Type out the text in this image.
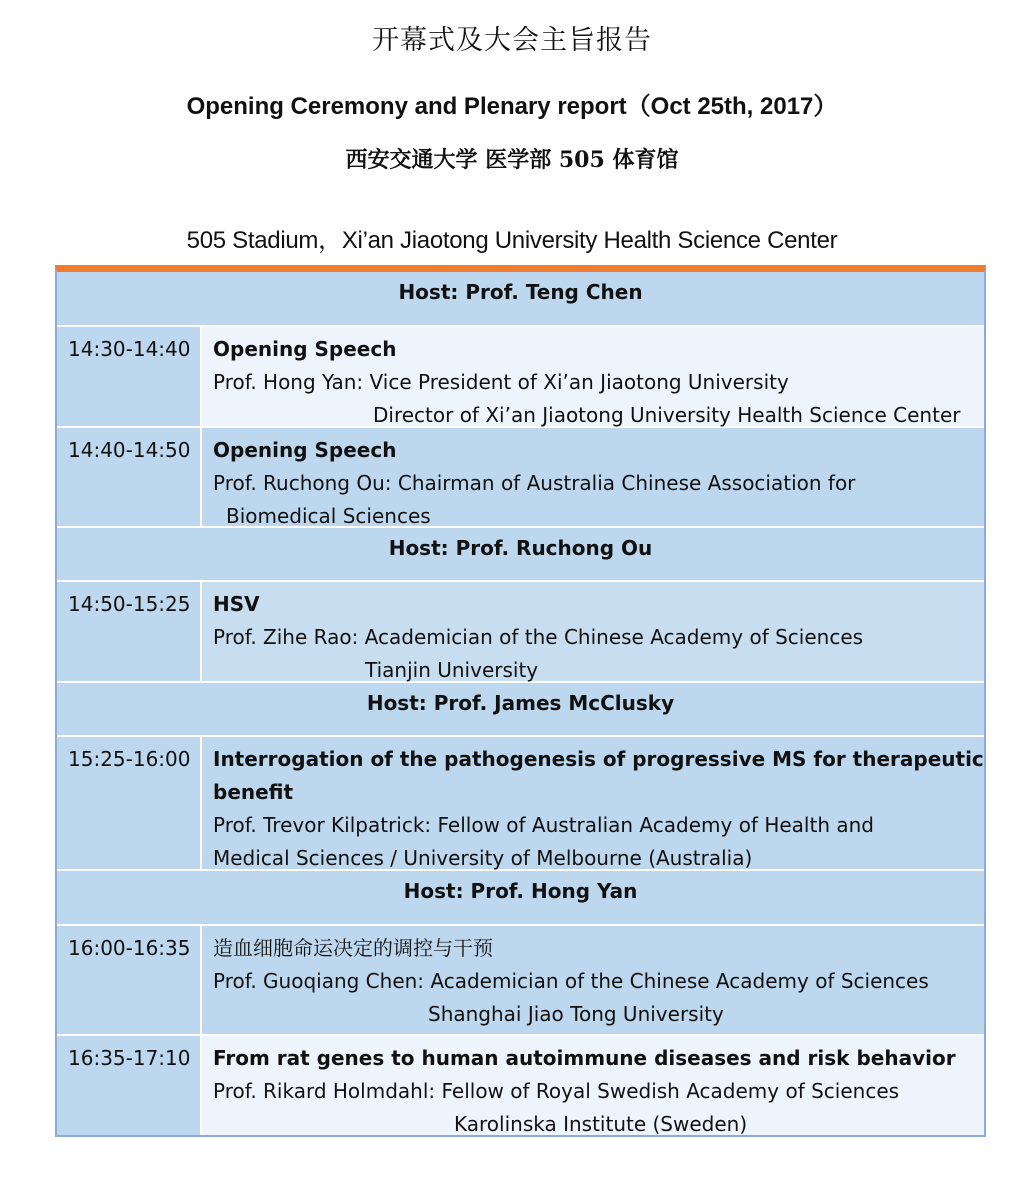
开幕式及大会主旨报告
Opening Ceremony and Plenary report（Oct 25th, 2017）
西安交通大学 医学部 505 体育馆
505 Stadium，Xi’an Jiaotong University Health Science Center
Host: Prof. Teng Chen
14:30-14:40	Opening Speech
Prof. Hong Yan: Vice President of Xi’an Jiaotong University
Director of Xi’an Jiaotong University Health Science Center
14:40-14:50	Opening Speech
Prof. Ruchong Ou: Chairman of Australia Chinese Association for
Biomedical Sciences
Host: Prof. Ruchong Ou
14:50-15:25	HSV
Prof. Zihe Rao: Academician of the Chinese Academy of Sciences
Tianjin University
Host: Prof. James McClusky
15:25-16:00	Interrogation of the pathogenesis of progressive MS for therapeutic
benefit
Prof. Trevor Kilpatrick: Fellow of Australian Academy of Health and
Medical Sciences / University of Melbourne (Australia)
Host: Prof. Hong Yan
16:00-16:35	造血细胞命运决定的调控与干预
Prof. Guoqiang Chen: Academician of the Chinese Academy of Sciences
Shanghai Jiao Tong University
16:35-17:10	From rat genes to human autoimmune diseases and risk behavior
Prof. Rikard Holmdahl: Fellow of Royal Swedish Academy of Sciences
Karolinska Institute (Sweden)
